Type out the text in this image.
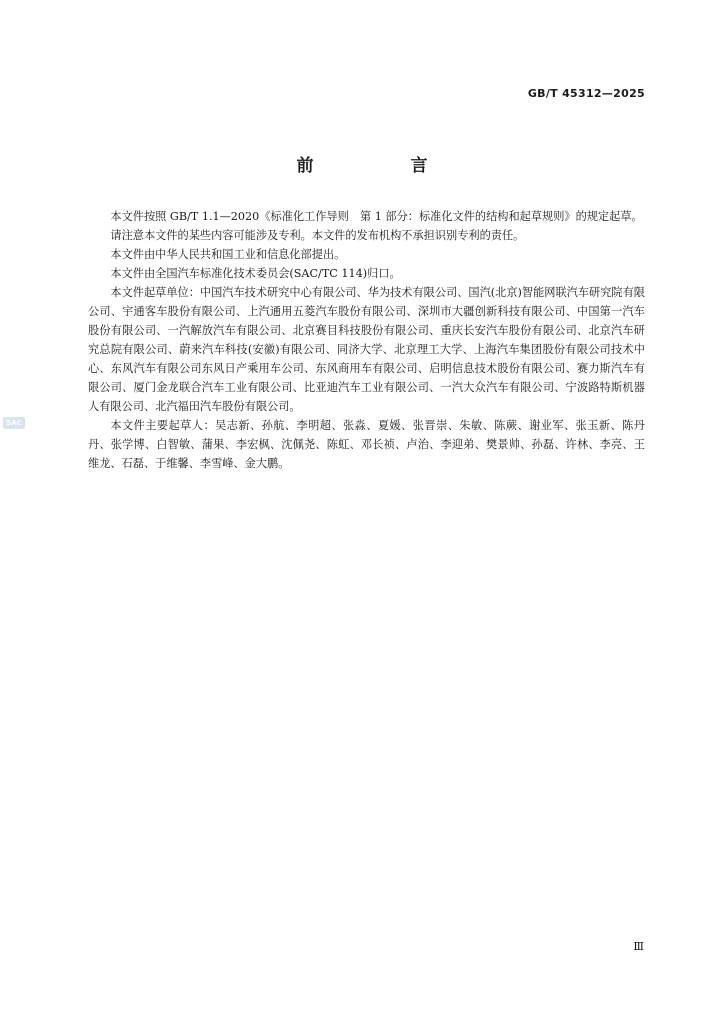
GB/T 45312—2025
前　言

本文件按照 GB/T 1.1—2020《标准化工作导则　第 1 部分：标准化文件的结构和起草规则》的规定起草。

请注意本文件的某些内容可能涉及专利。本文件的发布机构不承担识别专利的责任。

本文件由中华人民共和国工业和信息化部提出。

本文件由全国汽车标准化技术委员会(SAC/TC 114)归口。

本文件起草单位：中国汽车技术研究中心有限公司、华为技术有限公司、国汽(北京)智能网联汽车研究院有限公司、宇通客车股份有限公司、上汽通用五菱汽车股份有限公司、深圳市大疆创新科技有限公司、中国第一汽车股份有限公司、一汽解放汽车有限公司、北京赛目科技股份有限公司、重庆长安汽车股份有限公司、北京汽车研究总院有限公司、蔚来汽车科技(安徽)有限公司、同济大学、北京理工大学、上海汽车集团股份有限公司技术中心、东风汽车有限公司东风日产乘用车公司、东风商用车有限公司、启明信息技术股份有限公司、赛力斯汽车有限公司、厦门金龙联合汽车工业有限公司、比亚迪汽车工业有限公司、一汽大众汽车有限公司、宁波路特斯机器人有限公司、北汽福田汽车股份有限公司。

本文件主要起草人：吴志新、孙航、李明超、张淼、夏媛、张晋崇、朱敏、陈蕨、谢业军、张玉新、陈丹丹、张学博、白智敏、蒲果、李宏枫、沈佩尧、陈虹、邓长祯、卢治、李迎弟、樊景帅、孙磊、许林、李亮、王维龙、石磊、于维馨、李雪峰、金大鹏。

SAC
Ⅲ
